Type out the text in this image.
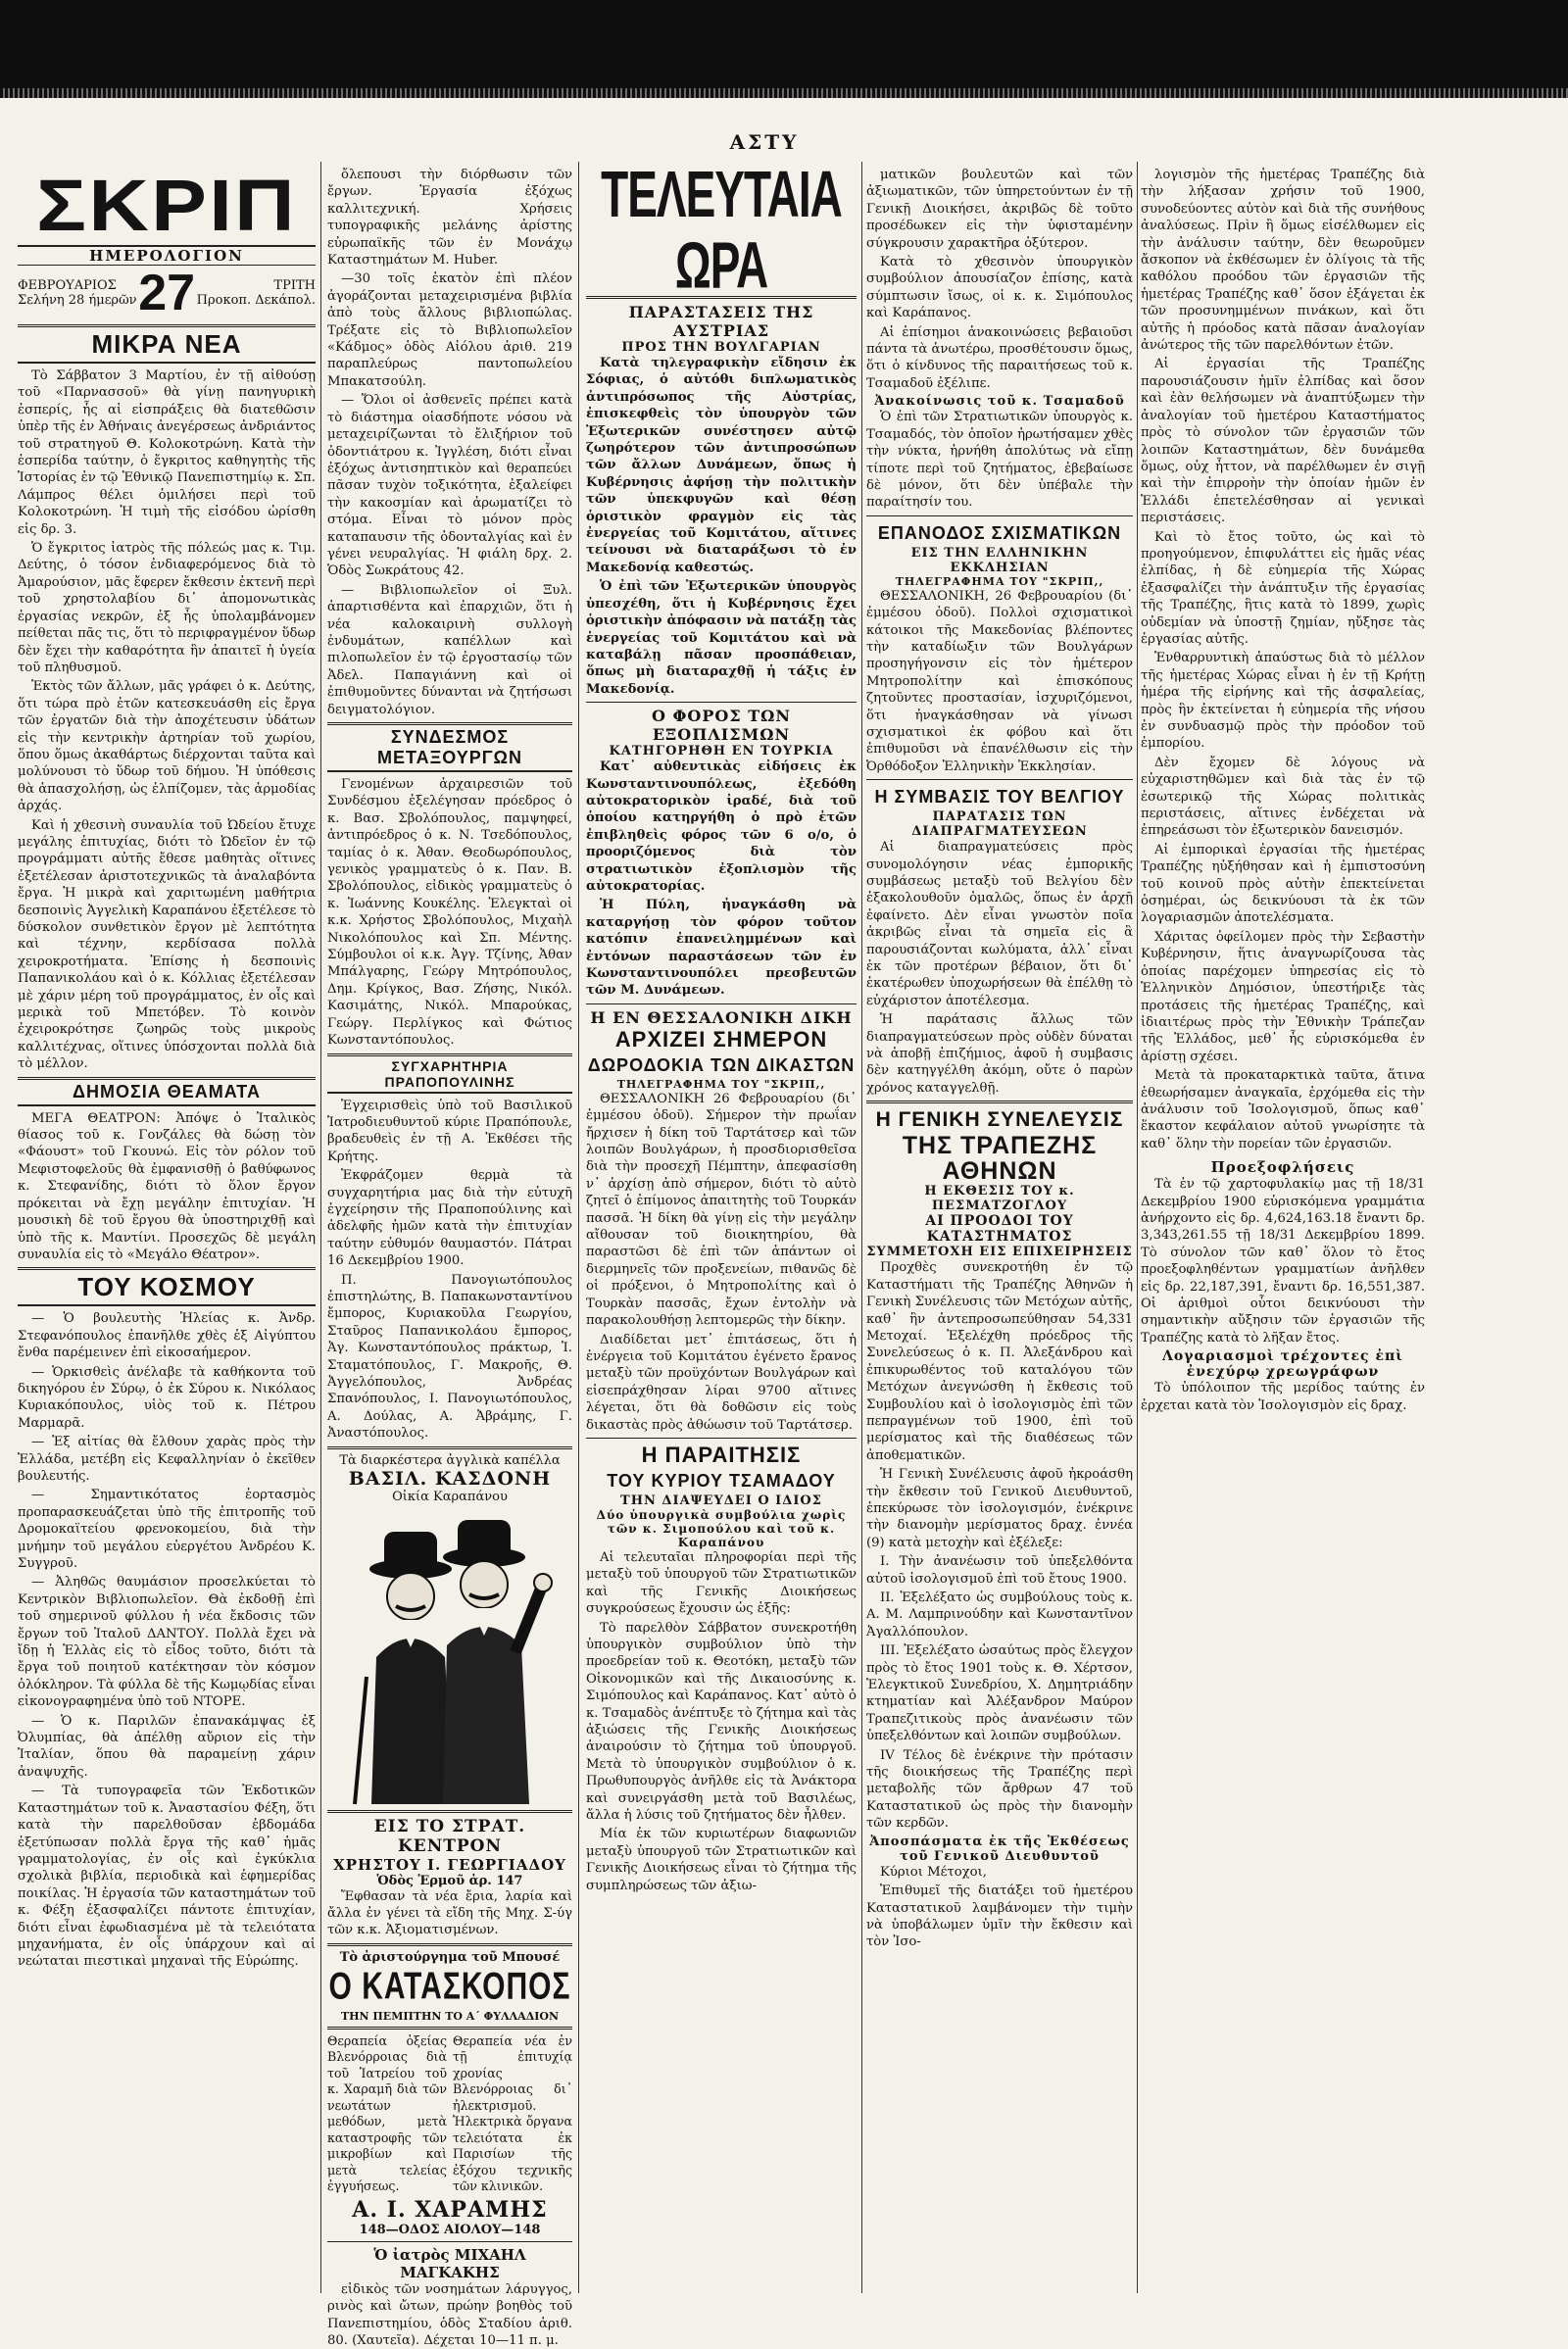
ΑΣΤΥ
ΣΚΡΙΠ
ΗΜΕΡΟΛΟΓΙΟΝ
ΦΕΒΡΟΥΑΡΙΟΣ
Σελήνη 28 ήμερῶν 27	ΤΡΙΤΗ
Προκοπ. Δεκάπολ.
ΜΙΚΡΑ ΝΕΑ

Τὸ Σάββατον 3 Μαρτίου, ἐν τῇ αἰθούσῃ τοῦ «Παρνασσοῦ» θὰ γίνῃ πανηγυρικὴ ἑσπερίς, ἧς αἱ εἰσπράξεις θὰ διατεθῶσιν ὑπὲρ τῆς ἐν Ἀθήναις ἀνεγέρσεως ἀνδριάντος τοῦ στρατηγοῦ Θ. Κολοκοτρώνη. Κατὰ τὴν ἑσπερίδα ταύτην, ὁ ἔγκριτος καθηγητὴς τῆς Ἱστορίας ἐν τῷ Ἐθνικῷ Πανεπιστημίῳ κ. Σπ. Λάμπρος θέλει ὁμιλήσει περὶ τοῦ Κολοκοτρώνη. Ἡ τιμὴ τῆς εἰσόδου ὡρίσθη εἰς δρ. 3.

Ὁ ἔγκριτος ἰατρὸς τῆς πόλεώς μας κ. Τιμ. Δεύτης, ὁ τόσον ἐνδιαφερόμενος διὰ τὸ Ἀμαρούσιον, μᾶς ἔφερεν ἔκθεσιν ἐκτενῆ περὶ τοῦ χρηστολαβίου δι᾽ ἀπομονωτικὰς ἐργασίας νεκρῶν, ἐξ ἧς ὑπολαμβάνομεν πείθεται πᾶς τις, ὅτι τὸ περιφραγμένον ὕδωρ δὲν ἔχει τὴν καθαρότητα ἣν ἀπαιτεῖ ἡ ὑγεία τοῦ πληθυσμοῦ.

Ἐκτὸς τῶν ἄλλων, μᾶς γράφει ὁ κ. Δεύτης, ὅτι τώρα πρὸ ἐτῶν κατεσκευάσθη εἰς ἔργα τῶν ἐργατῶν διὰ τὴν ἀποχέτευσιν ὑδάτων εἰς τὴν κεντρικὴν ἀρτηρίαν τοῦ χωρίου, ὅπου ὅμως ἀκαθάρτως διέρχονται ταῦτα καὶ μολύνουσι τὸ ὕδωρ τοῦ δήμου. Ἡ ὑπόθεσις θὰ ἀπασχολήσῃ, ὡς ἐλπίζομεν, τὰς ἁρμοδίας ἀρχάς.

Καὶ ἡ χθεσινὴ συναυλία τοῦ Ὠδείου ἔτυχε μεγάλης ἐπιτυχίας, διότι τὸ Ὠδεῖον ἐν τῷ προγράμματι αὐτῆς ἔθεσε μαθητὰς οἵτινες ἐξετέλεσαν ἀριστοτεχνικῶς τὰ ἀναλαβόντα ἔργα. Ἡ μικρὰ καὶ χαριτωμένη μαθήτρια δεσποινὶς Ἀγγελικὴ Καραπάνου ἐξετέλεσε τὸ δύσκολον συνθετικὸν ἔργον μὲ λεπτότητα καὶ τέχνην, κερδίσασα πολλὰ χειροκροτήματα. Ἐπίσης ἡ δεσποινὶς Παπανικολάου καὶ ὁ κ. Κόλλιας ἐξετέλεσαν μὲ χάριν μέρη τοῦ προγράμματος, ἐν οἷς καὶ μερικὰ τοῦ Μπετόβεν. Τὸ κοινὸν ἐχειροκρότησε ζωηρῶς τοὺς μικροὺς καλλιτέχνας, οἵτινες ὑπόσχονται πολλὰ διὰ τὸ μέλλον.

ΔΗΜΟΣΙΑ ΘΕΑΜΑΤΑ

ΜΕΓΑ ΘΕΑΤΡΟΝ: Ἀπόψε ὁ Ἰταλικὸς θίασος τοῦ κ. Γονζάλες θὰ δώσῃ τὸν «Φάουστ» τοῦ Γκουνώ. Εἰς τὸν ρόλον τοῦ Μεφιστοφελοῦς θὰ ἐμφανισθῇ ὁ βαθύφωνος κ. Στεφανίδης, διότι τὸ ὅλον ἔργον πρόκειται νὰ ἔχῃ μεγάλην ἐπιτυχίαν. Ἡ μουσικὴ δὲ τοῦ ἔργου θὰ ὑποστηριχθῇ καὶ ὑπὸ τῆς κ. Μαντίνι. Προσεχῶς δὲ μεγάλη συναυλία εἰς τὸ «Μεγάλο Θέατρον».

ΤΟΥ ΚΟΣΜΟΥ

— Ὁ βουλευτὴς Ἠλείας κ. Ἀνδρ. Στεφανόπουλος ἐπανῆλθε χθὲς ἐξ Αἰγύπτου ἔνθα παρέμεινεν ἐπὶ εἰκοσαήμερον.

— Ὁρκισθεὶς ἀνέλαβε τὰ καθήκοντα τοῦ δικηγόρου ἐν Σύρῳ, ὁ ἐκ Σύρου κ. Νικόλαος Κυριακόπουλος, υἱὸς τοῦ κ. Πέτρου Μαρμαρᾶ.

— Ἐξ αἰτίας θὰ ἔλθουν χαρὰς πρὸς τὴν Ἑλλάδα, μετέβη εἰς Κεφαλληνίαν ὁ ἐκεῖθεν βουλευτής.

— Σημαντικότατος ἑορτασμὸς προπαρασκευάζεται ὑπὸ τῆς ἐπιτροπῆς τοῦ Δρομοκαϊτείου φρενοκομείου, διὰ τὴν μνήμην τοῦ μεγάλου εὐεργέτου Ἀνδρέου Κ. Συγγροῦ.

— Ἀληθῶς θαυμάσιον προσελκύεται τὸ Κεντρικὸν Βιβλιοπωλεῖον. Θὰ ἐκδοθῇ ἐπὶ τοῦ σημερινοῦ φύλλου ἡ νέα ἔκδοσις τῶν ἔργων τοῦ Ἰταλοῦ ΔΑΝΤΟΥ. Πολλὰ ἔχει νὰ ἴδῃ ἡ Ἑλλὰς εἰς τὸ εἶδος τοῦτο, διότι τὰ ἔργα τοῦ ποιητοῦ κατέκτησαν τὸν κόσμον ὁλόκληρον. Τὰ φύλλα δὲ τῆς Κωμῳδίας εἶναι εἰκονογραφημένα ὑπὸ τοῦ ΝΤΟΡΕ.

— Ὁ κ. Παριλῶν ἐπανακάμψας ἐξ Ὀλυμπίας, θὰ ἀπέλθῃ αὔριον εἰς τὴν Ἰταλίαν, ὅπου θὰ παραμείνῃ χάριν ἀναψυχῆς.

— Τὰ τυπογραφεῖα τῶν Ἐκδοτικῶν Καταστημάτων τοῦ κ. Ἀναστασίου Φέξη, ὅτι κατὰ τὴν παρελθοῦσαν ἑβδομάδα ἐξετύπωσαν πολλὰ ἔργα τῆς καθ᾽ ἡμᾶς γραμματολογίας, ἐν οἷς καὶ ἐγκύκλια σχολικὰ βιβλία, περιοδικὰ καὶ ἐφημερίδας ποικίλας. Ἡ ἐργασία τῶν καταστημάτων τοῦ κ. Φέξη ἐξασφαλίζει πάντοτε ἐπιτυχίαν, διότι εἶναι ἐφωδιασμένα μὲ τὰ τελειότατα μηχανήματα, ἐν οἷς ὑπάρχουν καὶ αἱ νεώταται πιεστικαὶ μηχαναὶ τῆς Εὐρώπης.

ὄλεπουσι τὴν διόρθωσιν τῶν ἔργων. Ἐργασία ἐξόχως καλλιτεχνική. Χρήσεις τυπογραφικῆς μελάνης ἀρίστης εὐρωπαϊκῆς τῶν ἐν Μονάχῳ Καταστημάτων Μ. Huber.

—30 τοῖς ἑκατὸν ἐπὶ πλέον ἀγοράζονται μεταχειρισμένα βιβλία ἀπὸ τοὺς ἄλλους βιβλιοπώλας. Τρέξατε εἰς τὸ Βιβλιοπωλεῖον «Κάδμος» ὁδὸς Αἰόλου ἀριθ. 219 παραπλεύρως παντοπωλείου Μπακατσούλη.

— Ὅλοι οἱ ἀσθενεῖς πρέπει κατὰ τὸ διάστημα οἱασδήποτε νόσου νὰ μεταχειρίζωνται τὸ ἔλιξήριον τοῦ ὀδοντιάτρου κ. Ἰγγλέση, διότι εἶναι ἐξόχως ἀντισηπτικὸν καὶ θεραπεύει πᾶσαν τυχὸν τοξικότητα, ἐξαλείφει τὴν κακοσμίαν καὶ ἀρωματίζει τὸ στόμα. Εἶναι τὸ μόνον πρὸς καταπαυσιν τῆς ὀδονταλγίας καὶ ἐν γένει νευραλγίας. Ἡ φιάλη δρχ. 2. Ὁδὸς Σωκράτους 42.

— Βιβλιοπωλεῖον οἱ Ξυλ. ἀπαρτισθέντα καὶ ἐπαρχιῶν, ὅτι ἡ νέα καλοκαιρινὴ συλλογὴ ἐνδυμάτων, καπέλλων καὶ πιλοπωλεῖον ἐν τῷ ἐργοστασίῳ τῶν Ἀδελ. Παπαγιάννη καὶ οἱ ἐπιθυμοῦντες δύνανται νὰ ζητήσωσι δειγματολόγιον.

ΣΥΝΔΕΣΜΟΣ ΜΕΤΑΞΟΥΡΓΩΝ

Γενομένων ἀρχαιρεσιῶν τοῦ Συνδέσμου ἐξελέγησαν πρόεδρος ὁ κ. Βασ. Σβολόπουλος, παμψηφεί, ἀντιπρόεδρος ὁ κ. Ν. Τσεδόπουλος, ταμίας ὁ κ. Ἀθαν. Θεοδωρόπουλος, γενικὸς γραμματεὺς ὁ κ. Παν. Β. Σβολόπουλος, εἰδικὸς γραμματεὺς ὁ κ. Ἰωάννης Κουκέλης. Ἐλεγκταὶ οἱ κ.κ. Χρήστος Σβολόπουλος, Μιχαὴλ Νικολόπουλος καὶ Σπ. Μέντης. Σύμβουλοι οἱ κ.κ. Ἀγγ. Τζίνης, Ἀθαν Μπάλγαρης, Γεώργ Μητρόπουλος, Δημ. Κρίγκος, Βασ. Ζήσης, Νικόλ. Κασιμάτης, Νικόλ. Μπαρούκας, Γεώργ. Περλίγκος καὶ Φώτιος Κωνσταντόπουλος.

ΣΥΓΧΑΡΗΤΗΡΙΑ ΠΡΑΠΟΠΟΥΛΙΝΗΣ

Ἐγχειρισθεὶς ὑπὸ τοῦ Βασιλικοῦ Ἰατροδιευθυντοῦ κύριε Πραπόπουλε, βραδευθεὶς ἐν τῇ Α. Ἐκθέσει τῆς Κρήτης.

Ἐκφράζομεν θερμὰ τὰ συγχαρητήρια μας διὰ τὴν εὐτυχῆ ἐγχείρησιν τῆς Πραποπούλινης καὶ ἀδελφῆς ἡμῶν κατὰ τὴν ἐπιτυχίαν ταύτην εὐθυμόν θαυμαστόν. Πάτραι 16 Δεκεμβρίου 1900.

Π. Πανογιωτόπουλος ἐπιστηλώτης, Β. Παπακωνσταντίνου ἔμπορος, Κυριακοῦλα Γεωργίου, Σταῦρος Παπανικολάου ἔμπορος, Ἀγ. Κωνσταντόπουλος πράκτωρ, Ἰ. Σταματόπουλος, Γ. Μακροῆς, Θ. Ἀγγελόπουλος, Ἀνδρέας Σπανόπουλος, Ι. Πανογιωτόπουλος, Α. Δούλας, Α. Ἀβράμης, Γ. Ἀναστόπουλος.

Τὰ διαρκέστερα ἀγγλικὰ καπέλλα
ΒΑΣΙΛ. ΚΑΣΔΟΝΗ
Οἰκία Καραπάνου
ΕΙΣ ΤΟ ΣΤΡΑΤ. ΚΕΝΤΡΟΝ
ΧΡΗΣΤΟΥ Ι. ΓΕΩΡΓΙΑΔΟΥ
Ὁδὸς Ἑρμοῦ ἀρ. 147

Ἔφθασαν τὰ νέα ἔρια, λαρία καὶ ἄλλα ἐν γένει τὰ εἴδη τῆς Μηχ. Σ-ύγ τῶν κ.κ. Ἀξιοματισμένων.

Τὸ ἀριστούργημα τοῦ Μπουσέ
Ο ΚΑΤΑΣΚΟΠΟΣ
ΤΗΝ ΠΕΜΠΤΗΝ ΤΟ Α΄ ΦΥΛΛΑΔΙΟΝ

Θεραπεία ὀξείας Βλενόρροιας διὰ τοῦ Ἰατρείου τοῦ κ. Χαραμῆ διὰ τῶν νεωτάτων μεθόδων, μετὰ καταστροφῆς τῶν μικροβίων καὶ μετὰ τελείας ἐγγυήσεως.

Θεραπεία νέα ἐν τῇ ἐπιτυχίᾳ χρονίας Βλενόρροιας δι᾽ ἠλεκτρισμοῦ. Ἠλεκτρικὰ ὄργανα τελειότατα ἐκ Παρισίων τῆς ἐξόχου τεχνικῆς τῶν κλινικῶν.

Α. Ι. ΧΑΡΑΜΗΣ
148—ΟΔΟΣ ΑΙΟΛΟΥ—148
Ὁ ἰατρὸς ΜΙΧΑΗΛ ΜΑΓΚΑΚΗΣ

εἰδικὸς τῶν νοσημάτων λάρυγγος, ρινὸς καὶ ὤτων, πρώην βοηθὸς τοῦ Πανεπιστημίου, ὁδὸς Σταδίου ἀριθ. 80. (Χαυτεῖα). Δέχεται 10—11 π. μ.

ΤΕΛΕΥΤΑΙΑ ΩΡΑ
ΠΑΡΑΣΤΑΣΕΙΣ ΤΗΣ ΑΥΣΤΡΙΑΣ
ΠΡΟΣ ΤΗΝ ΒΟΥΛΓΑΡΙΑΝ

Κατὰ τηλεγραφικὴν εἴδησιν ἐκ Σόφιας, ὁ αὐτόθι διπλωματικὸς ἀντιπρόσωπος τῆς Αὐστρίας, ἐπισκεφθεὶς τὸν ὑπουργὸν τῶν Ἐξωτερικῶν συνέστησεν αὐτῷ ζωηρότερον τῶν ἀντιπροσώπων τῶν ἄλλων Δυνάμεων, ὅπως ἡ Κυβέρνησις ἀφήσῃ τὴν πολιτικὴν τῶν ὑπεκφυγῶν καὶ θέσῃ ὁριστικὸν φραγμὸν εἰς τὰς ἐνεργείας τοῦ Κομιτάτου, αἵτινες τείνουσι νὰ διαταράξωσι τὸ ἐν Μακεδονίᾳ καθεστώς.

Ὁ ἐπὶ τῶν Ἐξωτερικῶν ὑπουργὸς ὑπεσχέθη, ὅτι ἡ Κυβέρνησις ἔχει ὁριστικὴν ἀπόφασιν νὰ πατάξῃ τὰς ἐνεργείας τοῦ Κομιτάτου καὶ νὰ καταβάλῃ πᾶσαν προσπάθειαν, ὅπως μὴ διαταραχθῇ ἡ τάξις ἐν Μακεδονίᾳ.

Ο ΦΟΡΟΣ ΤΩΝ ΕΞΟΠΛΙΣΜΩΝ
ΚΑΤΗΓΟΡΗΘΗ ΕΝ ΤΟΥΡΚΙΑ

Κατ᾽ αὐθεντικὰς εἰδήσεις ἐκ Κωνσταντινουπόλεως, ἐξεδόθη αὐτοκρατορικὸν ἰραδέ, διὰ τοῦ ὁποίου κατηργήθη ὁ πρὸ ἐτῶν ἐπιβληθεὶς φόρος τῶν 6 ο/ο, ὁ προοριζόμενος διὰ τὸν στρατιωτικὸν ἐξοπλισμὸν τῆς αὐτοκρατορίας.

Ἡ Πύλη, ἠναγκάσθη νὰ καταργήσῃ τὸν φόρον τοῦτον κατόπιν ἐπανειλημμένων καὶ ἐντόνων παραστάσεων τῶν ἐν Κωνσταντινουπόλει πρεσβευτῶν τῶν Μ. Δυνάμεων.

Η ΕΝ ΘΕΣΣΑΛΟΝΙΚΗ ΔΙΚΗ
ΑΡΧΙΖΕΙ ΣΗΜΕΡΟΝ
ΔΩΡΟΔΟΚΙΑ ΤΩΝ ΔΙΚΑΣΤΩΝ
ΤΗΛΕΓΡΑΦΗΜΑ ΤΟΥ "ΣΚΡΙΠ,,

ΘΕΣΣΑΛΟΝΙΚΗ 26 Φεβρουαρίου (δι᾽ ἐμμέσου ὁδοῦ). Σήμερον τὴν πρωΐαν ἤρχισεν ἡ δίκη τοῦ Ταρτάτσερ καὶ τῶν λοιπῶν Βουλγάρων, ἡ προσδιορισθεῖσα διὰ τὴν προσεχῆ Πέμπτην, ἀπεφασίσθη ν᾽ ἀρχίσῃ ἀπὸ σήμερον, διότι τὸ αὐτὸ ζητεῖ ὁ ἐπίμονος ἀπαιτητὴς τοῦ Τουρκάν πασσᾶ. Ἡ δίκη θὰ γίνῃ εἰς τὴν μεγάλην αἴθουσαν τοῦ διοικητηρίου, θὰ παραστῶσι δὲ ἐπὶ τῶν ἀπάντων οἱ διερμηνεῖς τῶν προξενείων, πιθανῶς δὲ οἱ πρόξενοι, ὁ Μητροπολίτης καὶ ὁ Τουρκὰν πασσᾶς, ἔχων ἐντολὴν νὰ παρακολουθήσῃ λεπτομερῶς τὴν δίκην.

Διαδίδεται μετ᾽ ἐπιτάσεως, ὅτι ἡ ἐνέργεια τοῦ Κομιτάτου ἐγένετο ἔρανος μεταξὺ τῶν προϋχόντων Βουλγάρων καὶ εἰσεπράχθησαν λίραι 9700 αἵτινες λέγεται, ὅτι θὰ δοθῶσιν εἰς τοὺς δικαστὰς πρὸς ἀθώωσιν τοῦ Ταρτάτσερ.

Η ΠΑΡΑΙΤΗΣΙΣ
ΤΟΥ ΚΥΡΙΟΥ ΤΣΑΜΑΔΟΥ
ΤΗΝ ΔΙΑΨΕΥΔΕΙ Ο ΙΔΙΟΣ
Δύο ὑπουργικὰ συμβούλια χωρὶς τῶν κ. Σιμοπούλου καὶ τοῦ κ. Καραπάνου

Αἱ τελευταῖαι πληροφορίαι περὶ τῆς μεταξὺ τοῦ ὑπουργοῦ τῶν Στρατιωτικῶν καὶ τῆς Γενικῆς Διοικήσεως συγκρούσεως ἔχουσιν ὡς ἑξῆς:

Τὸ παρελθὸν Σάββατον συνεκροτήθη ὑπουργικὸν συμβούλιον ὑπὸ τὴν προεδρείαν τοῦ κ. Θεοτόκη, μεταξὺ τῶν Οἰκονομικῶν καὶ τῆς Δικαιοσύνης κ. Σιμόπουλος καὶ Καράπανος. Κατ᾽ αὐτὸ ὁ κ. Τσαμαδὸς ἀνέπτυξε τὸ ζήτημα καὶ τὰς ἀξιώσεις τῆς Γενικῆς Διοικήσεως ἀναιρούσιν τὸ ζήτημα τοῦ ὑπουργοῦ. Μετὰ τὸ ὑπουργικὸν συμβούλιον ὁ κ. Πρωθυπουργὸς ἀνῆλθε εἰς τὰ Ἀνάκτορα καὶ συνειργάσθη μετὰ τοῦ Βασιλέως, ἄλλα ἡ λύσις τοῦ ζητήματος δὲν ἦλθεν.

Μία ἐκ τῶν κυριωτέρων διαφωνιῶν μεταξὺ ὑπουργοῦ τῶν Στρατιωτικῶν καὶ Γενικῆς Διοικήσεως εἶναι τὸ ζήτημα τῆς συμπληρώσεως τῶν ἀξιω-

ματικῶν βουλευτῶν καὶ τῶν ἀξιωματικῶν, τῶν ὑπηρετούντων ἐν τῇ Γενικῇ Διοικήσει, ἀκριβῶς δὲ τοῦτο προσέδωκεν εἰς τὴν ὑφισταμένην σύγκρουσιν χαρακτῆρα ὀξύτερον.

Κατὰ τὸ χθεσινὸν ὑπουργικὸν συμβούλιον ἀπουσίαζον ἐπίσης, κατὰ σύμπτωσιν ἴσως, οἱ κ. κ. Σιμόπουλος καὶ Καράπανος.

Αἱ ἐπίσημοι ἀνακοινώσεις βεβαιοῦσι πάντα τὰ ἀνωτέρω, προσθέτουσιν ὅμως, ὅτι ὁ κίνδυνος τῆς παραιτήσεως τοῦ κ. Τσαμαδοῦ ἐξέλιπε.

Ἀνακοίνωσις τοῦ κ. Τσαμαδοῦ

Ὁ ἐπὶ τῶν Στρατιωτικῶν ὑπουργὸς κ. Τσαμαδός, τὸν ὁποῖον ἠρωτήσαμεν χθὲς τὴν νύκτα, ἠρνήθη ἀπολύτως νὰ εἴπῃ τίποτε περὶ τοῦ ζητήματος, ἐβεβαίωσε δὲ μόνον, ὅτι δὲν ὑπέβαλε τὴν παραίτησίν του.

ΕΠΑΝΟΔΟΣ ΣΧΙΣΜΑΤΙΚΩΝ
ΕΙΣ ΤΗΝ ΕΛΛΗΝΙΚΗΝ ΕΚΚΛΗΣΙΑΝ
ΤΗΛΕΓΡΑΦΗΜΑ ΤΟΥ "ΣΚΡΙΠ,,

ΘΕΣΣΑΛΟΝΙΚΗ, 26 Φεβρουαρίου (δι᾽ ἐμμέσου ὁδοῦ). Πολλοὶ σχισματικοὶ κάτοικοι τῆς Μακεδονίας βλέποντες τὴν καταδίωξιν τῶν Βουλγάρων προσηγήγονσιν εἰς τὸν ἡμέτερον Μητροπολίτην καὶ ἐπισκόπους ζητοῦντες προστασίαν, ἰσχυριζόμενοι, ὅτι ἠναγκάσθησαν νὰ γίνωσι σχισματικοὶ ἐκ φόβου καὶ ὅτι ἐπιθυμοῦσι νὰ ἐπανέλθωσιν εἰς τὴν Ὀρθόδοξον Ἑλληνικὴν Ἐκκλησίαν.

Η ΣΥΜΒΑΣΙΣ ΤΟΥ ΒΕΛΓΙΟΥ
ΠΑΡΑΤΑΣΙΣ ΤΩΝ ΔΙΑΠΡΑΓΜΑΤΕΥΣΕΩΝ

Αἱ διαπραγματεύσεις πρὸς συνομολόγησιν νέας ἐμπορικῆς συμβάσεως μεταξὺ τοῦ Βελγίου δὲν ἐξακολουθοῦν ὁμαλῶς, ὅπως ἐν ἀρχῇ ἐφαίνετο. Δὲν εἶναι γνωστὸν ποῖα ἀκριβῶς εἶναι τὰ σημεῖα εἰς ἃ παρουσιάζονται κωλύματα, ἀλλ᾽ εἶναι ἐκ τῶν προτέρων βέβαιον, ὅτι δι᾽ ἑκατέρωθεν ὑποχωρήσεων θὰ ἐπέλθῃ τὸ εὐχάριστον ἀποτέλεσμα.

Ἡ παράτασις ἄλλως τῶν διαπραγματεύσεων πρὸς οὐδὲν δύναται νὰ ἀποβῇ ἐπιζήμιος, ἀφοῦ ἡ συμβασις δὲν κατηγγέλθη ἀκόμη, οὔτε ὁ παρὼν χρόνος καταγγελθῇ.

Η ΓΕΝΙΚΗ ΣΥΝΕΛΕΥΣΙΣ
ΤΗΣ ΤΡΑΠΕΖΗΣ ΑΘΗΝΩΝ
Η ΕΚΘΕΣΙΣ ΤΟΥ κ. ΠΕΣΜΑΤΖΟΓΛΟΥ
ΑΙ ΠΡΟΟΔΟΙ ΤΟΥ ΚΑΤΑΣΤΗΜΑΤΟΣ
ΣΥΜΜΕΤΟΧΗ ΕΙΣ ΕΠΙΧΕΙΡΗΣΕΙΣ

Προχθὲς συνεκροτήθη ἐν τῷ Καταστήματι τῆς Τραπέζης Ἀθηνῶν ἡ Γενικὴ Συνέλευσις τῶν Μετόχων αὐτῆς, καθ᾽ ἣν ἀντεπροσωπεύθησαν 54,331 Μετοχαί. Ἐξελέχθη πρόεδρος τῆς Συνελεύσεως ὁ κ. Π. Ἀλεξάνδρου καὶ ἐπικυρωθέντος τοῦ καταλόγου τῶν Μετόχων ἀνεγνώσθη ἡ ἔκθεσις τοῦ Συμβουλίου καὶ ὁ ἰσολογισμὸς ἐπὶ τῶν πεπραγμένων τοῦ 1900, ἐπὶ τοῦ μερίσματος καὶ τῆς διαθέσεως τῶν ἀποθεματικῶν.

Ἡ Γενικὴ Συνέλευσις ἀφοῦ ἠκροάσθη τὴν ἔκθεσιν τοῦ Γενικοῦ Διευθυντοῦ, ἐπεκύρωσε τὸν ἰσολογισμόν, ἐνέκρινε τὴν διανομὴν μερίσματος δραχ. ἐννέα (9) κατὰ μετοχὴν καὶ ἐξέλεξε:

Ι. Τὴν ἀνανέωσιν τοῦ ὑπεξελθόντα αὐτοῦ ἰσολογισμοῦ ἐπὶ τοῦ ἔτους 1900.

ΙΙ. Ἐξελέξατο ὡς συμβούλους τοὺς κ. Α. Μ. Λαμπρινούδην καὶ Κωνσταντῖνον Ἀγαλλόπουλον.

ΙΙΙ. Ἐξελέξατο ὡσαύτως πρὸς ἔλεγχον πρὸς τὸ ἔτος 1901 τοὺς κ. Θ. Χέρτσον, Ἐλεγκτικοῦ Συνεδρίου, Χ. Δημητριάδην κτηματίαν καὶ Ἀλέξανδρον Μαύρον Τραπεζιτικοὺς πρὸς ἀνανέωσιν τῶν ὑπεξελθόντων καὶ λοιπῶν συμβούλων.

IV Τέλος δὲ ἐνέκρινε τὴν πρότασιν τῆς διοικήσεως τῆς Τραπέζης περὶ μεταβολῆς τῶν ἄρθρων 47 τοῦ Καταστατικοῦ ὡς πρὸς τὴν διανομὴν τῶν κερδῶν.

Ἀποσπάσματα ἐκ τῆς Ἐκθέσεως τοῦ Γενικοῦ Διευθυντοῦ

Κύριοι Μέτοχοι,

Ἐπιθυμεῖ τῆς διατάξει τοῦ ἡμετέρου Καταστατικοῦ λαμβάνομεν τὴν τιμὴν νὰ ὑποβάλωμεν ὑμῖν τὴν ἔκθεσιν καὶ τὸν Ἰσο-

λογισμὸν τῆς ἡμετέρας Τραπέζης διὰ τὴν λήξασαν χρήσιν τοῦ 1900, συνοδεύοντες αὐτὸν καὶ διὰ τῆς συνήθους ἀναλύσεως. Πρὶν ἢ ὅμως εἰσέλθωμεν εἰς τὴν ἀνάλυσιν ταύτην, δὲν θεωροῦμεν ἄσκοπον νὰ ἐκθέσωμεν ἐν ὀλίγοις τὰ τῆς καθόλου προόδου τῶν ἐργασιῶν τῆς ἡμετέρας Τραπέζης καθ᾽ ὅσον ἐξάγεται ἐκ τῶν προσυνημμένων πινάκων, καὶ ὅτι αὐτῆς ἡ πρόοδος κατὰ πᾶσαν ἀναλογίαν ἀνώτερος τῆς τῶν παρελθόντων ἐτῶν.

Αἱ ἐργασίαι τῆς Τραπέζης παρουσιάζουσιν ἡμῖν ἐλπίδας καὶ ὅσον καὶ ἐὰν θελήσωμεν νὰ ἀναπτύξωμεν τὴν ἀναλογίαν τοῦ ἡμετέρου Καταστήματος πρὸς τὸ σύνολον τῶν ἐργασιῶν τῶν λοιπῶν Καταστημάτων, δὲν δυνάμεθα ὅμως, οὐχ ἧττον, νὰ παρέλθωμεν ἐν σιγῇ καὶ τὴν ἐπιρροὴν τὴν ὁποίαν ἡμῶν ἐν Ἑλλάδι ἐπετελέσθησαν αἱ γενικαὶ περιστάσεις.

Καὶ τὸ ἔτος τοῦτο, ὡς καὶ τὸ προηγούμενον, ἐπιφυλάττει εἰς ἡμᾶς νέας ἐλπίδας, ἡ δὲ εὐημερία τῆς Χώρας ἐξασφαλίζει τὴν ἀνάπτυξιν τῆς ἐργασίας τῆς Τραπέζης, ἣτις κατὰ τὸ 1899, χωρὶς οὐδεμίαν νὰ ὑποστῇ ζημίαν, ηὔξησε τὰς ἐργασίας αὐτῆς.

Ἐνθαρρυντικὴ ἀπαύστως διὰ τὸ μέλλον τῆς ἡμετέρας Χώρας εἶναι ἡ ἐν τῇ Κρήτῃ ἡμέρα τῆς εἰρήνης καὶ τῆς ἀσφαλείας, πρὸς ἣν ἐκτείνεται ἡ εὐημερία τῆς νήσου ἐν συνδυασμῷ πρὸς τὴν πρόοδον τοῦ ἐμπορίου.

Δὲν ἔχομεν δὲ λόγους νὰ εὐχαριστηθῶμεν καὶ διὰ τὰς ἐν τῷ ἐσωτερικῷ τῆς Χώρας πολιτικὰς περιστάσεις, αἵτινες ἐνδέχεται νὰ ἐπηρεάσωσι τὸν ἐξωτερικὸν δανεισμόν.

Αἱ ἐμπορικαὶ ἐργασίαι τῆς ἡμετέρας Τραπέζης ηὐξήθησαν καὶ ἡ ἐμπιστοσύνη τοῦ κοινοῦ πρὸς αὐτὴν ἐπεκτείνεται ὁσημέραι, ὡς δεικνύουσι τὰ ἐκ τῶν λογαριασμῶν ἀποτελέσματα.

Χάριτας ὀφείλομεν πρὸς τὴν Σεβαστὴν Κυβέρνησιν, ἥτις ἀναγνωρίζουσα τὰς ὁποίας παρέχομεν ὑπηρεσίας εἰς τὸ Ἑλληνικὸν Δημόσιον, ὑπεστήριξε τὰς προτάσεις τῆς ἡμετέρας Τραπέζης, καὶ ἰδιαιτέρως πρὸς τὴν Ἐθνικὴν Τράπεζαν τῆς Ἑλλάδος, μεθ᾽ ἧς εὑρισκόμεθα ἐν ἀρίστῃ σχέσει.

Μετὰ τὰ προκαταρκτικὰ ταῦτα, ἅτινα ἐθεωρήσαμεν ἀναγκαῖα, ἐρχόμεθα εἰς τὴν ἀνάλυσιν τοῦ Ἰσολογισμοῦ, ὅπως καθ᾽ ἕκαστον κεφάλαιον αὐτοῦ γνωρίσητε τὰ καθ᾽ ὅλην τὴν πορείαν τῶν ἐργασιῶν.

Προεξοφλήσεις

Τὰ ἐν τῷ χαρτοφυλακίῳ μας τῇ 18/31 Δεκεμβρίου 1900 εὑρισκόμενα γραμμάτια ἀνήρχοντο εἰς δρ. 4,624,163.18 ἔναντι δρ. 3,343,261.55 τῇ 18/31 Δεκεμβρίου 1899. Τὸ σύνολον τῶν καθ᾽ ὅλον τὸ ἔτος προεξοφληθέντων γραμματίων ἀνῆλθεν εἰς δρ. 22,187,391, ἔναντι δρ. 16,551,387. Οἱ ἀριθμοὶ οὗτοι δεικνύουσι τὴν σημαντικὴν αὔξησιν τῶν ἐργασιῶν τῆς Τραπέζης κατὰ τὸ λῆξαν ἔτος.

Λογαριασμοὶ τρέχοντες ἐπὶ ἐνεχύρῳ χρεωγράφων

Τὸ ὑπόλοιπον τῆς μερίδος ταύτης ἐν ἐρχεται κατὰ τὸν Ἰσολογισμὸν εἰς δραχ.
